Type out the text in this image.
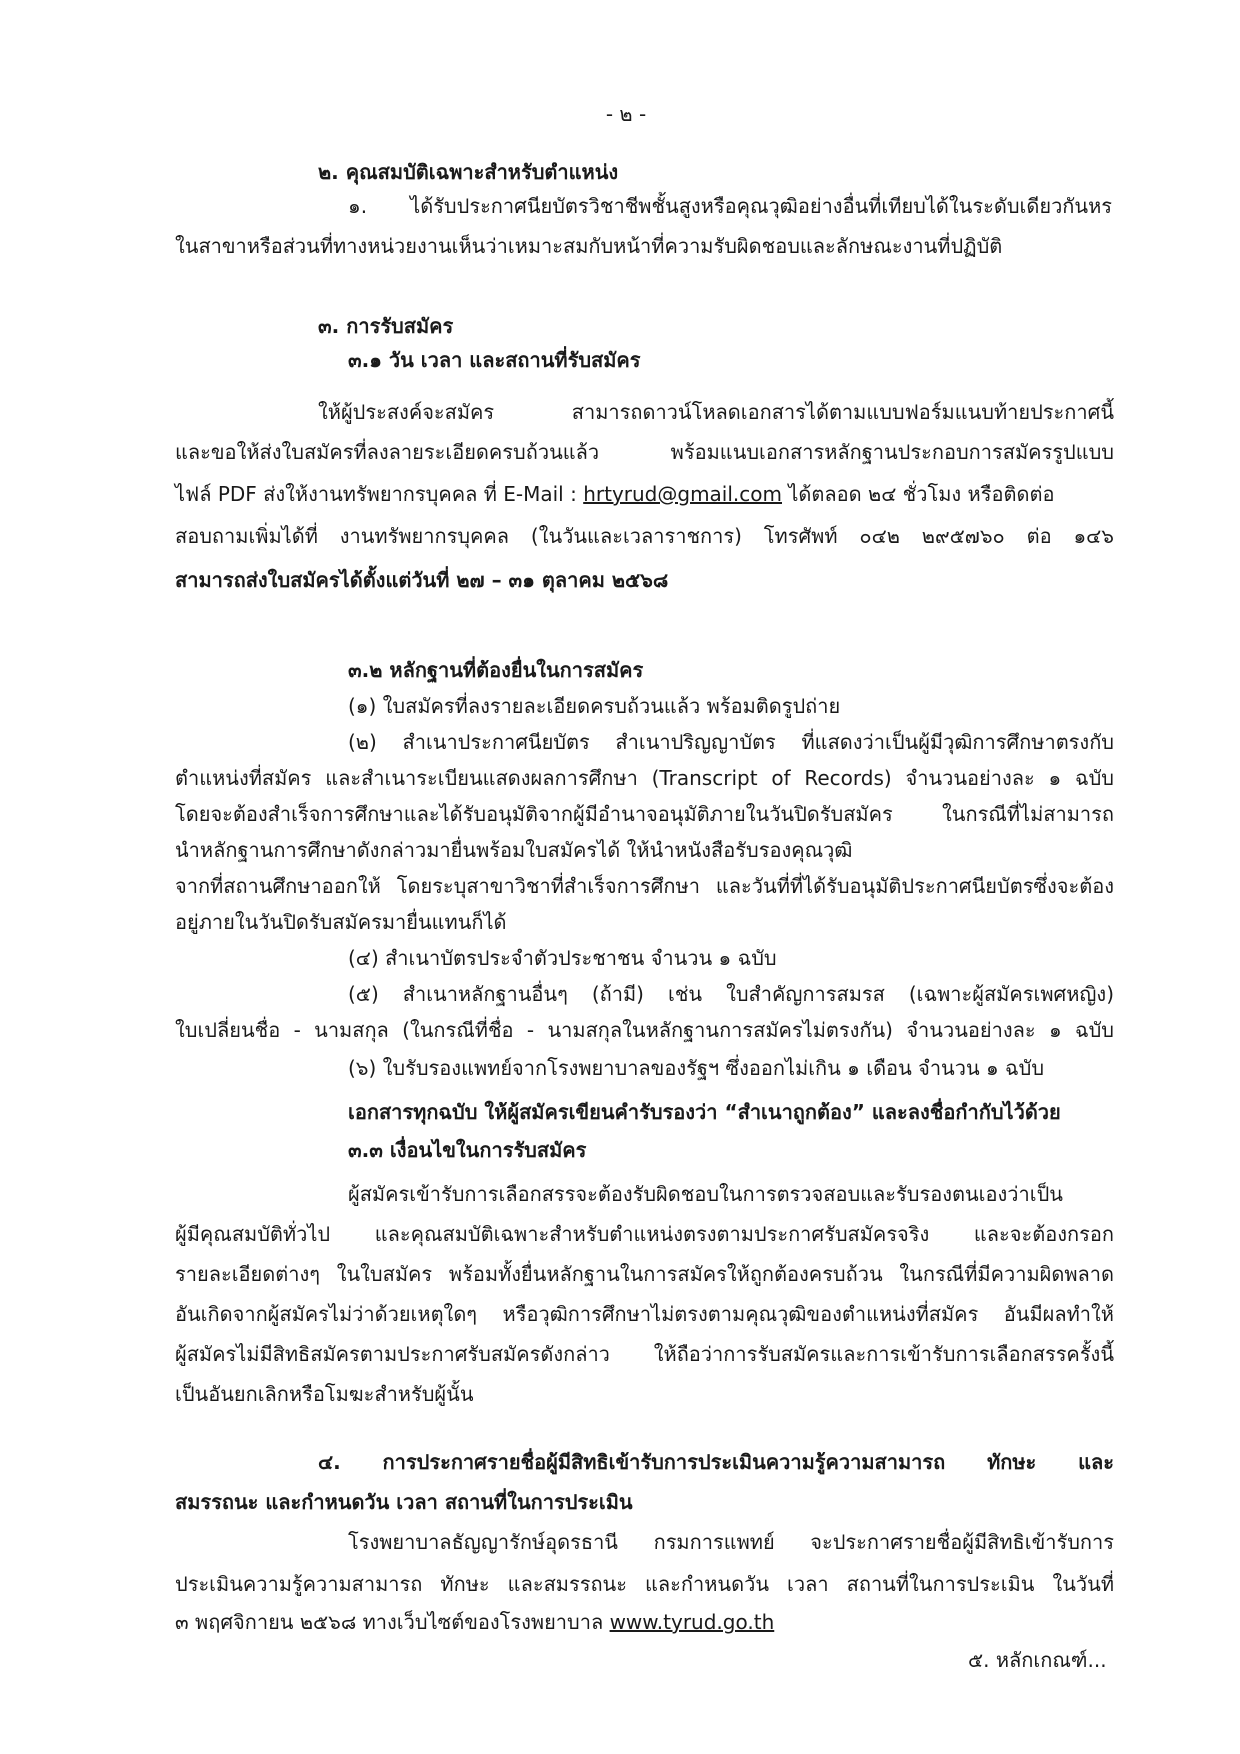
- ๒ -
๒. คุณสมบัติเฉพาะสำหรับตำแหน่ง
๑. ได้รับประกาศนียบัตรวิชาชีพชั้นสูงหรือคุณวุฒิอย่างอื่นที่เทียบได้ในระดับเดียวกันหร
ในสาขาหรือส่วนที่ทางหน่วยงานเห็นว่าเหมาะสมกับหน้าที่ความรับผิดชอบและลักษณะงานที่ปฏิบัติ
๓. การรับสมัคร
๓.๑ วัน เวลา และสถานที่รับสมัคร
ให้ผู้ประสงค์จะสมัคร สามารถดาวน์โหลดเอกสารได้ตามแบบฟอร์มแนบท้ายประกาศนี้
และขอให้ส่งใบสมัครที่ลงลายระเอียดครบถ้วนแล้ว พร้อมแนบเอกสารหลักฐานประกอบการสมัครรูปแบบ
ไฟล์ PDF ส่งให้งานทรัพยากรบุคคล ที่ E-Mail : hrtyrud@gmail.com ได้ตลอด ๒๔ ชั่วโมง หรือติดต่อ
สอบถามเพิ่มได้ที่ งานทรัพยากรบุคคล (ในวันและเวลาราชการ) โทรศัพท์ ๐๔๒ ๒๙๕๗๖๐ ต่อ ๑๔๖
สามารถส่งใบสมัครได้ตั้งแต่วันที่ ๒๗ – ๓๑ ตุลาคม ๒๕๖๘
๓.๒ หลักฐานที่ต้องยื่นในการสมัคร
(๑) ใบสมัครที่ลงรายละเอียดครบถ้วนแล้ว พร้อมติดรูปถ่าย
(๒) สำเนาประกาศนียบัตร สำเนาปริญญาบัตร ที่แสดงว่าเป็นผู้มีวุฒิการศึกษาตรงกับ
ตำแหน่งที่สมัคร และสำเนาระเบียนแสดงผลการศึกษา (Transcript of Records) จำนวนอย่างละ ๑ ฉบับ
โดยจะต้องสำเร็จการศึกษาและได้รับอนุมัติจากผู้มีอำนาจอนุมัติภายในวันปิดรับสมัคร ในกรณีที่ไม่สามารถ
นำหลักฐานการศึกษาดังกล่าวมายื่นพร้อมใบสมัครได้ ให้นำหนังสือรับรองคุณวุฒิ
จากที่สถานศึกษาออกให้ โดยระบุสาขาวิชาที่สำเร็จการศึกษา และวันที่ที่ได้รับอนุมัติประกาศนียบัตรซึ่งจะต้อง
อยู่ภายในวันปิดรับสมัครมายื่นแทนก็ได้
(๔) สำเนาบัตรประจำตัวประชาชน จำนวน ๑ ฉบับ
(๕) สำเนาหลักฐานอื่นๆ (ถ้ามี) เช่น ใบสำคัญการสมรส (เฉพาะผู้สมัครเพศหญิง)
ใบเปลี่ยนชื่อ - นามสกุล (ในกรณีที่ชื่อ - นามสกุลในหลักฐานการสมัครไม่ตรงกัน) จำนวนอย่างละ ๑ ฉบับ
(๖) ใบรับรองแพทย์จากโรงพยาบาลของรัฐฯ ซึ่งออกไม่เกิน ๑ เดือน จำนวน ๑ ฉบับ
เอกสารทุกฉบับ ให้ผู้สมัครเขียนคำรับรองว่า “สำเนาถูกต้อง” และลงชื่อกำกับไว้ด้วย
๓.๓ เงื่อนไขในการรับสมัคร
ผู้สมัครเข้ารับการเลือกสรรจะต้องรับผิดชอบในการตรวจสอบและรับรองตนเองว่าเป็น
ผู้มีคุณสมบัติทั่วไป และคุณสมบัติเฉพาะสำหรับตำแหน่งตรงตามประกาศรับสมัครจริง และจะต้องกรอก
รายละเอียดต่างๆ ในใบสมัคร พร้อมทั้งยื่นหลักฐานในการสมัครให้ถูกต้องครบถ้วน ในกรณีที่มีความผิดพลาด
อันเกิดจากผู้สมัครไม่ว่าด้วยเหตุใดๆ หรือวุฒิการศึกษาไม่ตรงตามคุณวุฒิของตำแหน่งที่สมัคร อันมีผลทำให้
ผู้สมัครไม่มีสิทธิสมัครตามประกาศรับสมัครดังกล่าว ให้ถือว่าการรับสมัครและการเข้ารับการเลือกสรรครั้งนี้
เป็นอันยกเลิกหรือโมฆะสำหรับผู้นั้น
๔. การประกาศรายชื่อผู้มีสิทธิเข้ารับการประเมินความรู้ความสามารถ ทักษะ และ
สมรรถนะ และกำหนดวัน เวลา สถานที่ในการประเมิน
โรงพยาบาลธัญญารักษ์อุดรธานี กรมการแพทย์ จะประกาศรายชื่อผู้มีสิทธิเข้ารับการ
ประเมินความรู้ความสามารถ ทักษะ และสมรรถนะ และกำหนดวัน เวลา สถานที่ในการประเมิน ในวันที่
๓ พฤศจิกายน ๒๕๖๘ ทางเว็บไซต์ของโรงพยาบาล www.tyrud.go.th
๕. หลักเกณฑ์...
